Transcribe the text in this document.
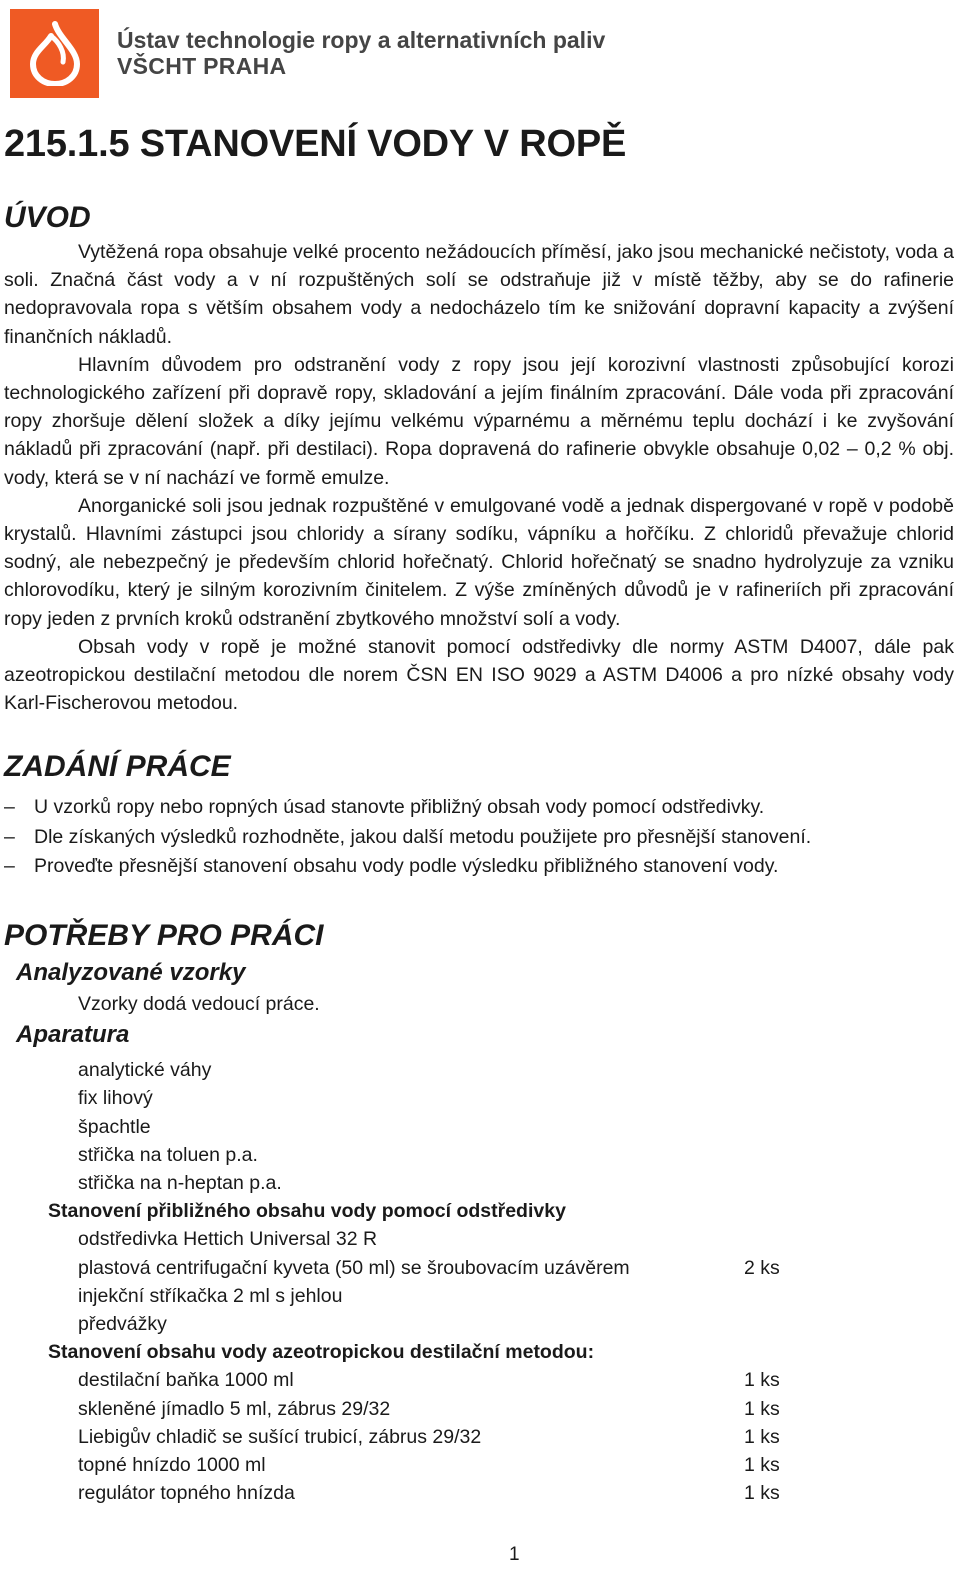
Ústav technologie ropy a alternativních paliv
VŠCHT PRAHA
215.1.5 STANOVENÍ VODY V ROPĚ
ÚVOD

Vytěžená ropa obsahuje velké procento nežádoucích příměsí, jako jsou mechanické nečistoty, voda a soli. Značná část vody a v ní rozpuštěných solí se odstraňuje již v místě těžby, aby se do rafinerie nedopravovala ropa s větším obsahem vody a nedocházelo tím ke snižování dopravní kapacity a zvýšení finančních nákladů.

Hlavním důvodem pro odstranění vody z ropy jsou její korozivní vlastnosti způsobující korozi technologického zařízení při dopravě ropy, skladování a jejím finálním zpracování. Dále voda při zpracování ropy zhoršuje dělení složek a díky jejímu velkému výparnému a měrnému teplu dochází i ke zvyšování nákladů při zpracování (např. při destilaci). Ropa dopravená do rafinerie obvykle obsahuje 0,02 – 0,2 % obj. vody, která se v ní nachází ve formě emulze.

Anorganické soli jsou jednak rozpuštěné v emulgované vodě a jednak dispergované v ropě v podobě krystalů. Hlavními zástupci jsou chloridy a sírany sodíku, vápníku a hořčíku. Z chloridů převažuje chlorid sodný, ale nebezpečný je především chlorid hořečnatý. Chlorid hořečnatý se snadno hydrolyzuje za vzniku chlorovodíku, který je silným korozivním činitelem. Z výše zmíněných důvodů je v rafineriích při zpracování ropy jeden z prvních kroků odstranění zbytkového množství solí a vody.

Obsah vody v ropě je možné stanovit pomocí odstředivky dle normy ASTM D4007, dále pak azeotropickou destilační metodou dle norem ČSN EN ISO 9029 a ASTM D4006 a pro nízké obsahy vody Karl-Fischerovou metodou.

ZADÁNÍ PRÁCE
– U vzorků ropy nebo ropných úsad stanovte přibližný obsah vody pomocí odstředivky.
– Dle získaných výsledků rozhodněte, jakou další metodu použijete pro přesnější stanovení.
– Proveďte přesnější stanovení obsahu vody podle výsledku přibližného stanovení vody.
POTŘEBY PRO PRÁCI
Analyzované vzorky
Vzorky dodá vedoucí práce.
Aparatura
analytické váhy
fix lihový
špachtle
střička na toluen p.a.
střička na n-heptan p.a.
Stanovení přibližného obsahu vody pomocí odstředivky
odstředivka Hettich Universal 32 R
plastová centrifugační kyveta (50 ml) se šroubovacím uzávěrem	2 ks
injekční stříkačka 2 ml s jehlou
předvážky
Stanovení obsahu vody azeotropickou destilační metodou:
destilační baňka 1000 ml	1 ks
skleněné jímadlo 5 ml, zábrus 29/32	1 ks
Liebigův chladič se sušící trubicí, zábrus 29/32	1 ks
topné hnízdo 1000 ml	1 ks
regulátor topného hnízda	1 ks
1
